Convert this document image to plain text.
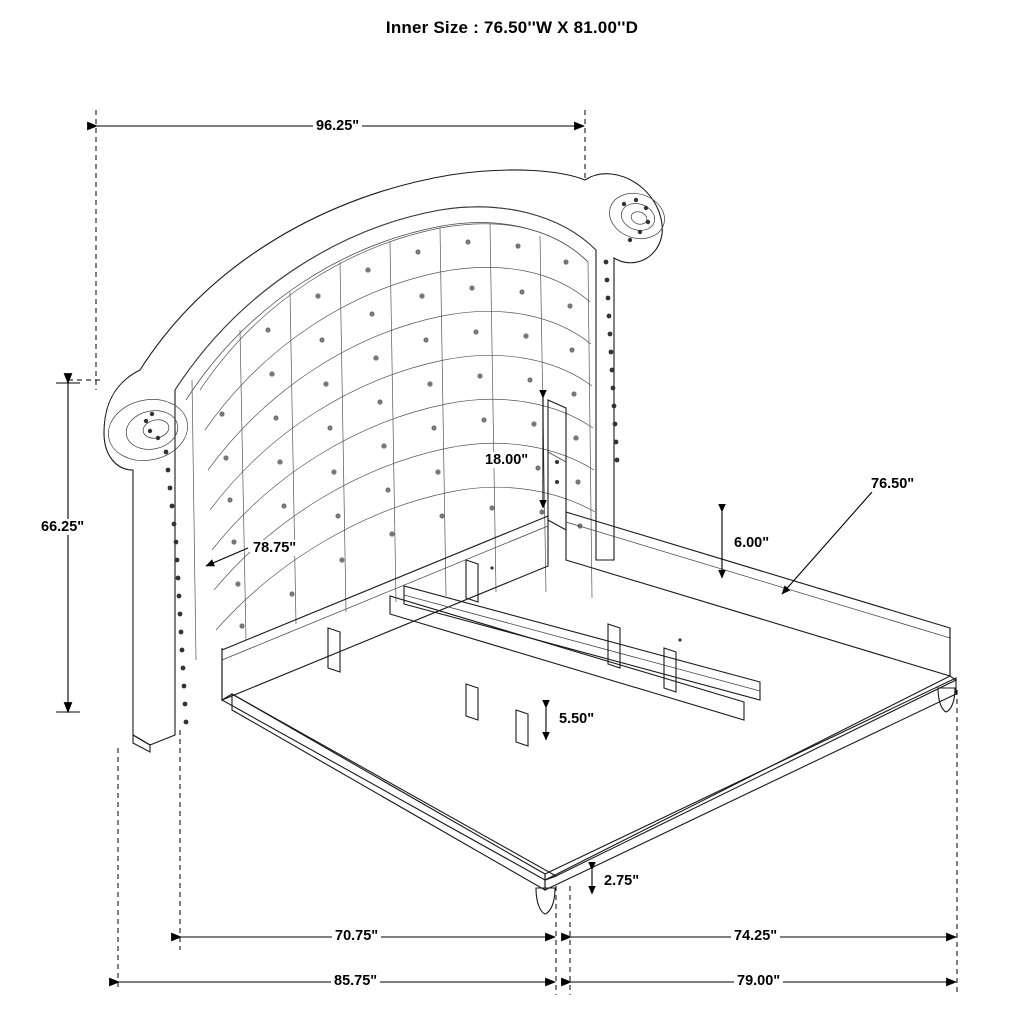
Inner Size : 76.50''W X 81.00''D
96.25"
66.25"
78.75"
18.00"
6.00"
5.50"
2.75"
76.50"
70.75"	74.25"
85.75"	79.00"
